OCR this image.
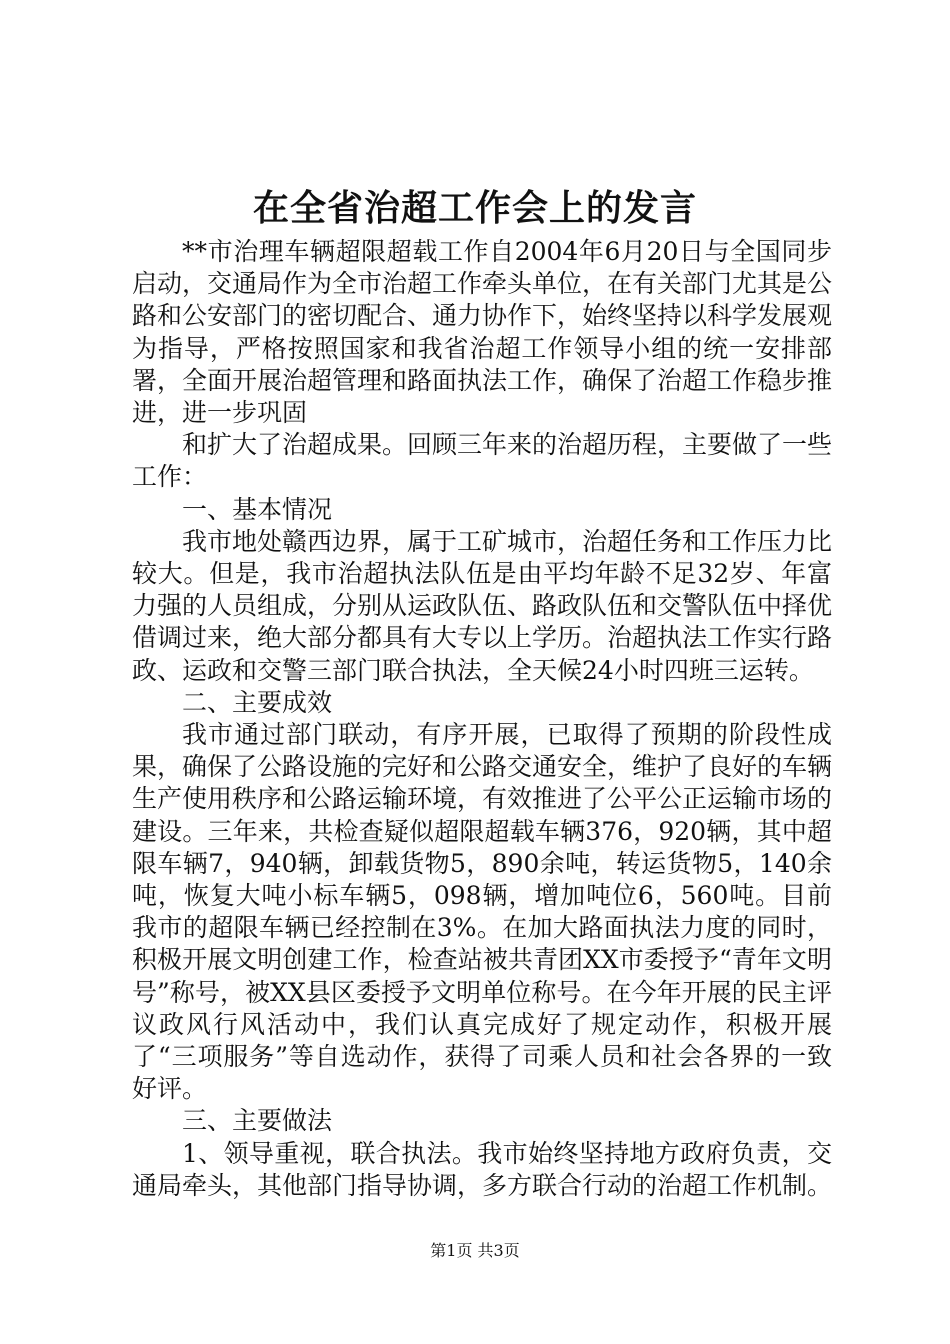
在全省治超工作会上的发言

**市治理车辆超限超载工作自2004年6月20日与全国同步启动，交通局作为全市治超工作牵头单位，在有关部门尤其是公路和公安部门的密切配合、通力协作下，始终坚持以科学发展观为指导，严格按照国家和我省治超工作领导小组的统一安排部署，全面开展治超管理和路面执法工作，确保了治超工作稳步推进，进一步巩固

和扩大了治超成果。回顾三年来的治超历程，主要做了一些工作：

一、基本情况

我市地处赣西边界，属于工矿城市，治超任务和工作压力比较大。但是，我市治超执法队伍是由平均年龄不足32岁、年富力强的人员组成，分别从运政队伍、路政队伍和交警队伍中择优借调过来，绝大部分都具有大专以上学历。治超执法工作实行路政、运政和交警三部门联合执法，全天候24小时四班三运转。

二、主要成效

我市通过部门联动，有序开展，已取得了预期的阶段性成果，确保了公路设施的完好和公路交通安全，维护了良好的车辆生产使用秩序和公路运输环境，有效推进了公平公正运输市场的建设。三年来，共检查疑似超限超载车辆376，920辆，其中超限车辆7，940辆，卸载货物5，890余吨，转运货物5，140余吨，恢复大吨小标车辆5，098辆，增加吨位6，560吨。目前我市的超限车辆已经控制在3%。在加大路面执法力度的同时，积极开展文明创建工作，检查站被共青团XX市委授予“青年文明号”称号，被XX县区委授予文明单位称号。在今年开展的民主评议政风行风活动中，我们认真完成好了规定动作，积极开展了“三项服务”等自选动作，获得了司乘人员和社会各界的一致好评。

三、主要做法

1、领导重视，联合执法。我市始终坚持地方政府负责，交通局牵头，其他部门指导协调，多方联合行动的治超工作机制。

第1页 共3页
